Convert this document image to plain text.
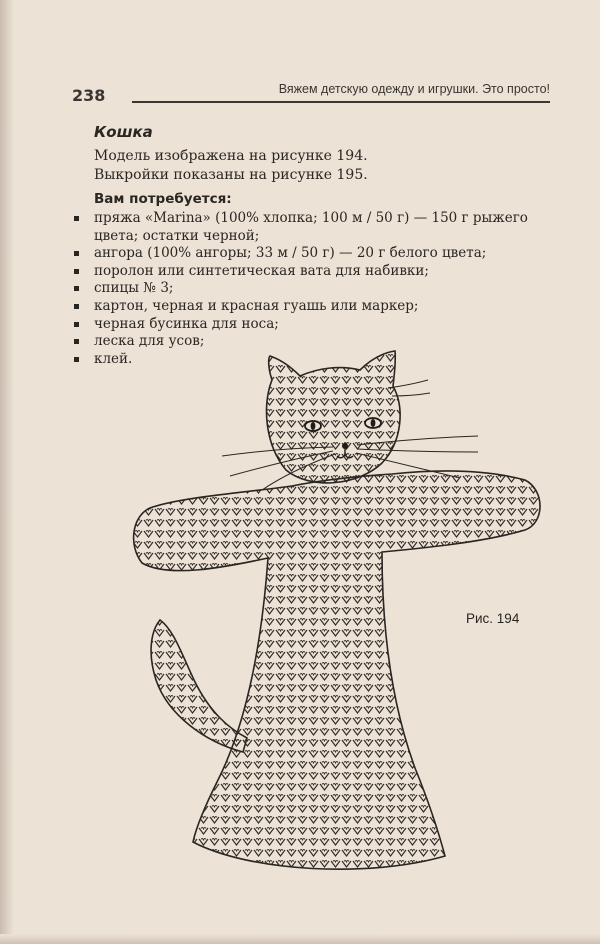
238	Вяжем детскую одежду и игрушки. Это просто!
Кошка
Модель изображена на рисунке 194.
Выкройки показаны на рисунке 195.
Вам потребуется:
пряжа «Marina» (100% хлопка; 100 м / 50 г) — 150 г рыжего цвета; остатки черной;
ангора (100% ангоры; 33 м / 50 г) — 20 г белого цвета;
поролон или синтетическая вата для набивки;
спицы № 3;
картон, черная и красная гуашь или маркер;
черная бусинка для носа;
леска для усов;
клей.
Рис. 194
